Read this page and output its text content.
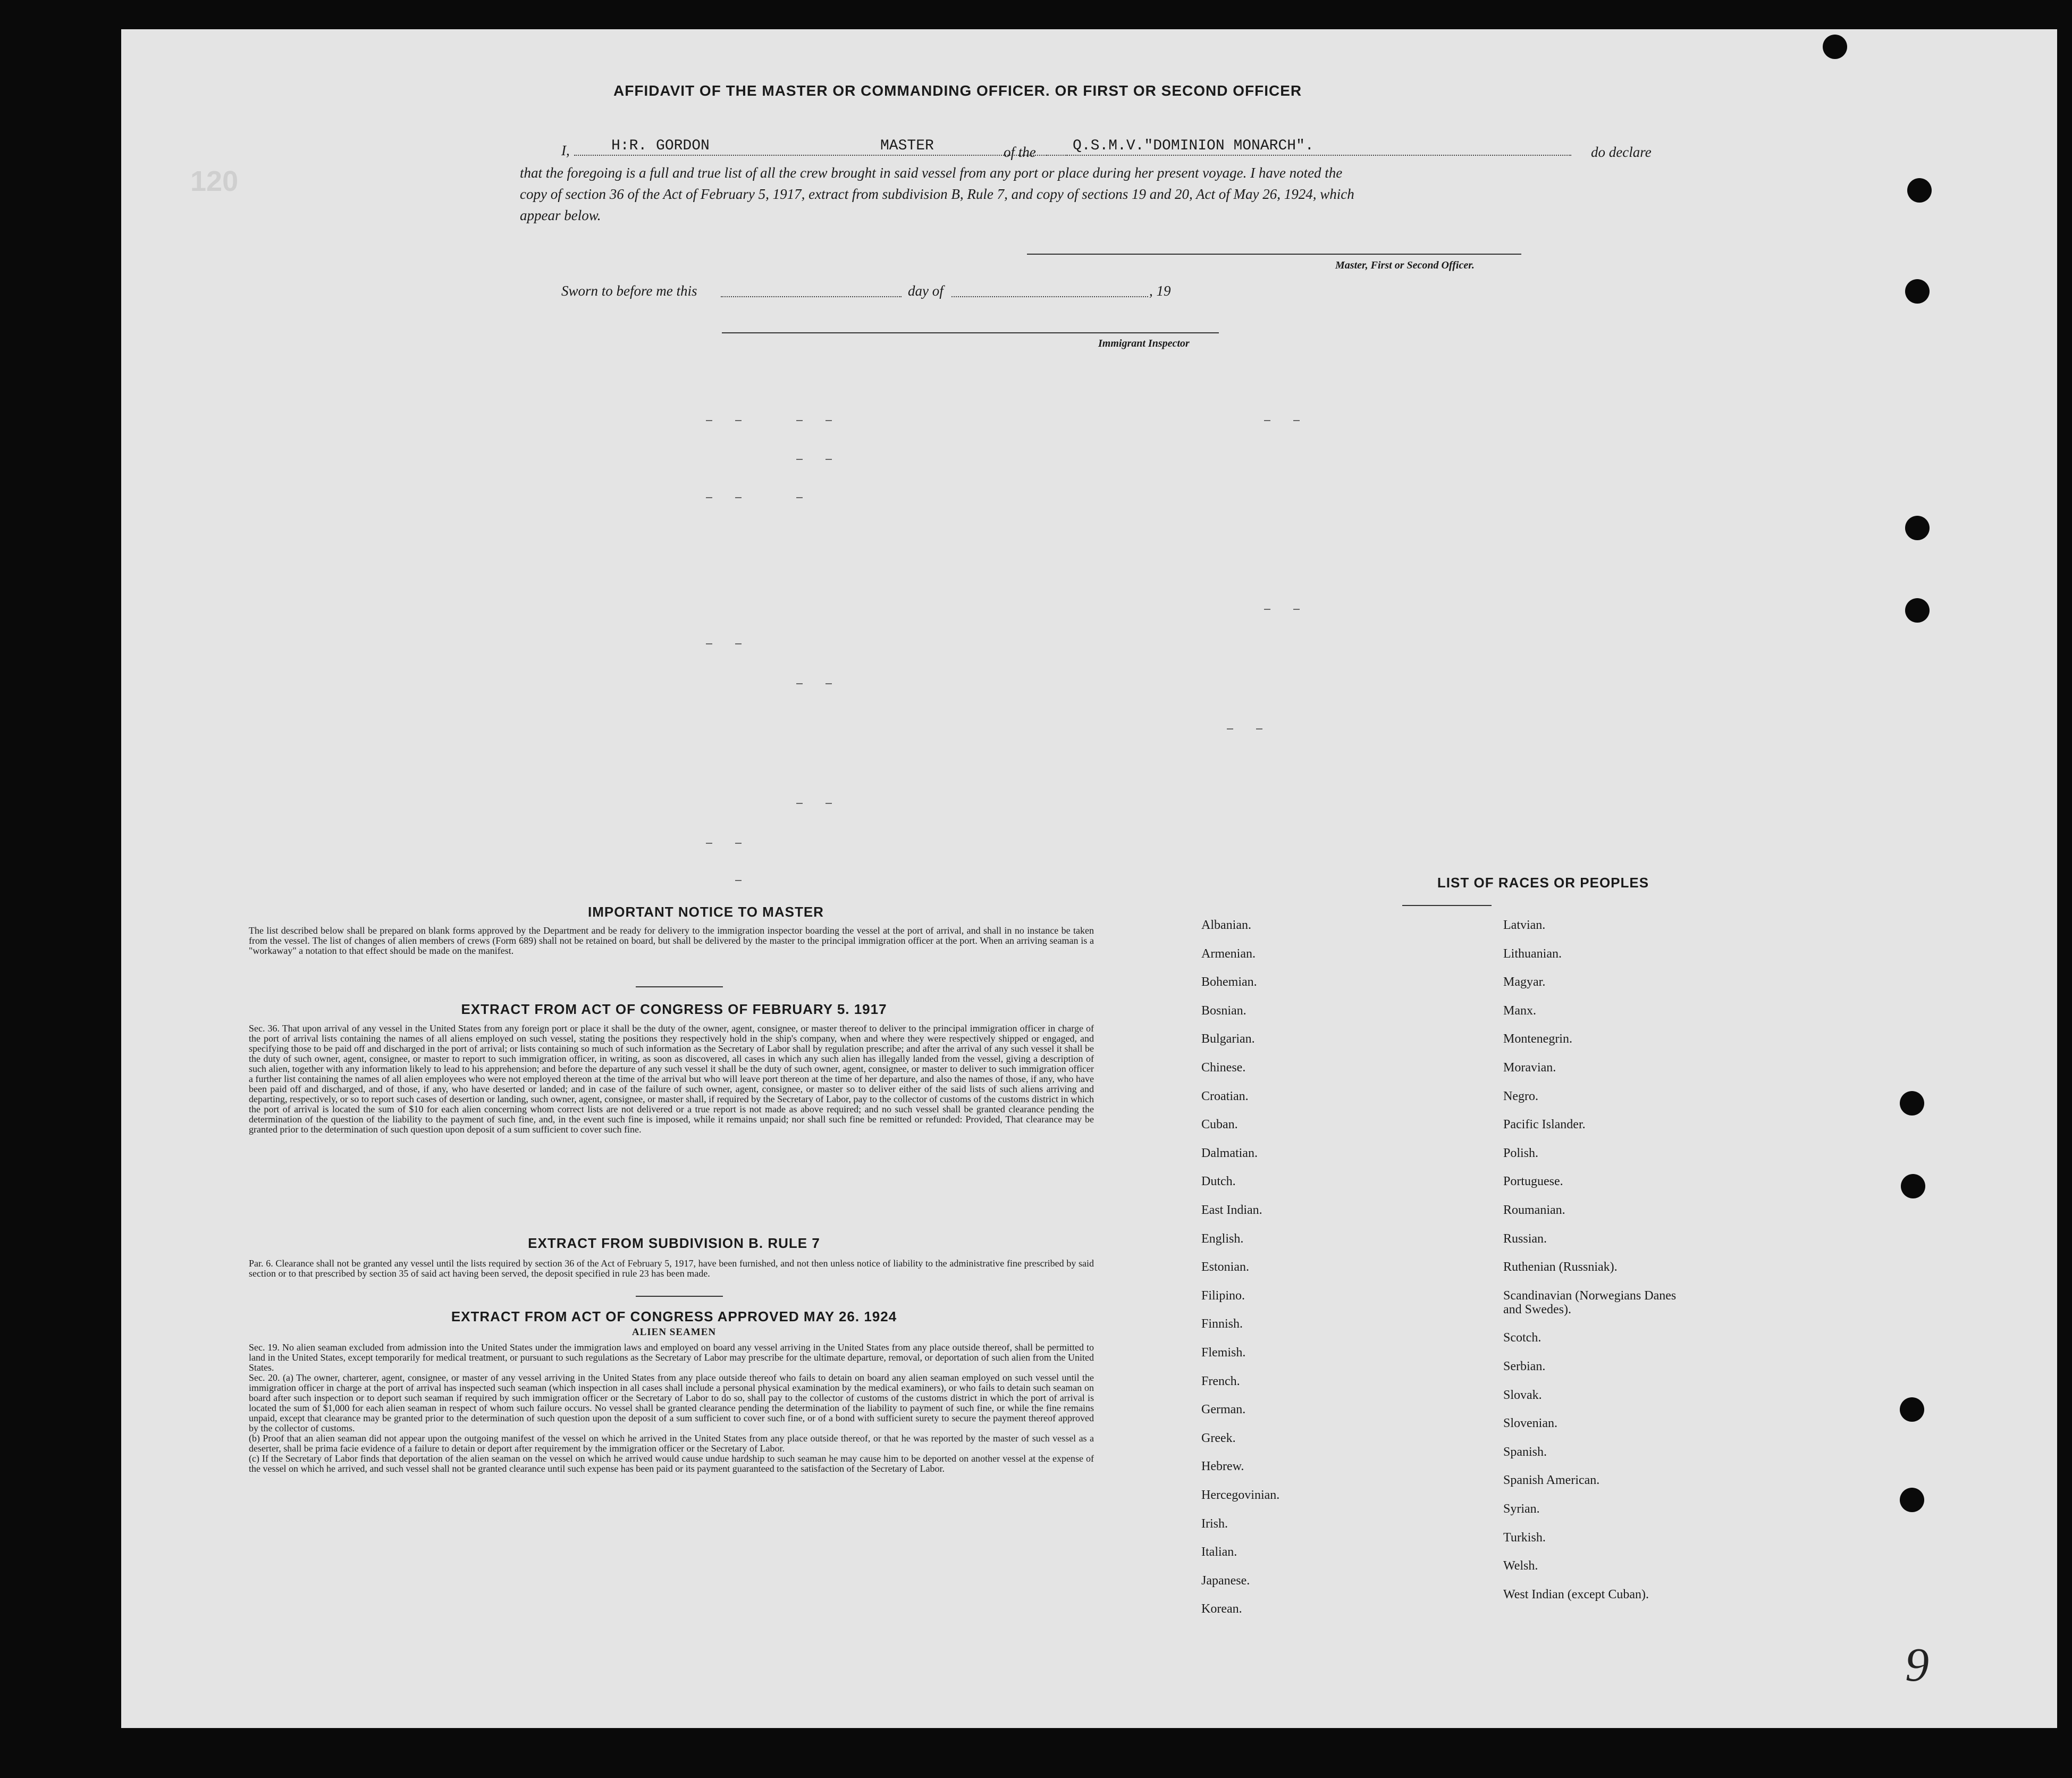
120
AFFIDAVIT OF THE MASTER OR COMMANDING OFFICER. OR FIRST OR SECOND OFFICER
I,	H:R. GORDON	MASTER	of the Q.S.M.V."DOMINION MONARCH".	do declare
that the foregoing is a full and true list of all the crew brought in said vessel from any port or place during her present voyage. I have noted the
copy of section 36 of the Act of February 5, 1917, extract from subdivision B, Rule 7, and copy of sections 19 and 20, Act of May 26, 1924, which
appear below.
Master, First or Second Officer.
Sworn to before me this	day of	, 19
Immigrant Inspector
IMPORTANT NOTICE TO MASTER
The list described below shall be prepared on blank forms approved by the Department and be ready for delivery to the immigration inspector boarding the vessel at the port of arrival, and shall in no instance be taken from the vessel. The list of changes of alien members of crews (Form 689) shall not be retained on board, but shall be delivered by the master to the principal immigration officer at the port. When an arriving seaman is a "workaway" a notation to that effect should be made on the manifest.
EXTRACT FROM ACT OF CONGRESS OF FEBRUARY 5. 1917
Sec. 36. That upon arrival of any vessel in the United States from any foreign port or place it shall be the duty of the owner, agent, consignee, or master thereof to deliver to the principal immigration officer in charge of the port of arrival lists containing the names of all aliens employed on such vessel, stating the positions they respectively hold in the ship's company, when and where they were respectively shipped or engaged, and specifying those to be paid off and discharged in the port of arrival; or lists containing so much of such information as the Secretary of Labor shall by regulation prescribe; and after the arrival of any such vessel it shall be the duty of such owner, agent, consignee, or master to report to such immigration officer, in writing, as soon as discovered, all cases in which any such alien has illegally landed from the vessel, giving a description of such alien, together with any information likely to lead to his apprehension; and before the departure of any such vessel it shall be the duty of such owner, agent, consignee, or master to deliver to such immigration officer a further list containing the names of all alien employees who were not employed thereon at the time of the arrival but who will leave port thereon at the time of her departure, and also the names of those, if any, who have been paid off and discharged, and of those, if any, who have deserted or landed; and in case of the failure of such owner, agent, consignee, or master so to deliver either of the said lists of such aliens arriving and departing, respectively, or so to report such cases of desertion or landing, such owner, agent, consignee, or master shall, if required by the Secretary of Labor, pay to the collector of customs of the customs district in which the port of arrival is located the sum of $10 for each alien concerning whom correct lists are not delivered or a true report is not made as above required; and no such vessel shall be granted clearance pending the determination of the question of the liability to the payment of such fine, and, in the event such fine is imposed, while it remains unpaid; nor shall such fine be remitted or refunded: Provided, That clearance may be granted prior to the determination of such question upon deposit of a sum sufficient to cover such fine.
EXTRACT FROM SUBDIVISION B. RULE 7
Par. 6. Clearance shall not be granted any vessel until the lists required by section 36 of the Act of February 5, 1917, have been furnished, and not then unless notice of liability to the administrative fine prescribed by said section or to that prescribed by section 35 of said act having been served, the deposit specified in rule 23 has been made.
EXTRACT FROM ACT OF CONGRESS APPROVED MAY 26. 1924
ALIEN SEAMEN
Sec. 19. No alien seaman excluded from admission into the United States under the immigration laws and employed on board any vessel arriving in the United States from any place outside thereof, shall be permitted to land in the United States, except temporarily for medical treatment, or pursuant to such regulations as the Secretary of Labor may prescribe for the ultimate departure, removal, or deportation of such alien from the United States.
Sec. 20. (a) The owner, charterer, agent, consignee, or master of any vessel arriving in the United States from any place outside thereof who fails to detain on board any alien seaman employed on such vessel until the immigration officer in charge at the port of arrival has inspected such seaman (which inspection in all cases shall include a personal physical examination by the medical examiners), or who fails to detain such seaman on board after such inspection or to deport such seaman if required by such immigration officer or the Secretary of Labor to do so, shall pay to the collector of customs of the customs district in which the port of arrival is located the sum of $1,000 for each alien seaman in respect of whom such failure occurs. No vessel shall be granted clearance pending the determination of the liability to payment of such fine, or while the fine remains unpaid, except that clearance may be granted prior to the determination of such question upon the deposit of a sum sufficient to cover such fine, or of a bond with sufficient surety to secure the payment thereof approved by the collector of customs.
(b) Proof that an alien seaman did not appear upon the outgoing manifest of the vessel on which he arrived in the United States from any place outside thereof, or that he was reported by the master of such vessel as a deserter, shall be prima facie evidence of a failure to detain or deport after requirement by the immigration officer or the Secretary of Labor.
(c) If the Secretary of Labor finds that deportation of the alien seaman on the vessel on which he arrived would cause undue hardship to such seaman he may cause him to be deported on another vessel at the expense of the vessel on which he arrived, and such vessel shall not be granted clearance until such expense has been paid or its payment guaranteed to the satisfaction of the Secretary of Labor.
LIST OF RACES OR PEOPLES
9
Albanian.
Armenian.
Bohemian.
Bosnian.
Bulgarian.
Chinese.
Croatian.
Cuban.
Dalmatian.
Dutch.
East Indian.
English.
Estonian.
Filipino.
Finnish.
Flemish.
French.
German.
Greek.
Hebrew.
Hercegovinian.
Irish.
Italian.
Japanese.
Korean.
Latvian.
Lithuanian.
Magyar.
Manx.
Montenegrin.
Moravian.
Negro.
Pacific Islander.
Polish.
Portuguese.
Roumanian.
Russian.
Ruthenian (Russniak).
Scandinavian (Norwegians Danes and Swedes).
Scotch.
Serbian.
Slovak.
Slovenian.
Spanish.
Spanish American.
Syrian.
Turkish.
Welsh.
West Indian (except Cuban).
